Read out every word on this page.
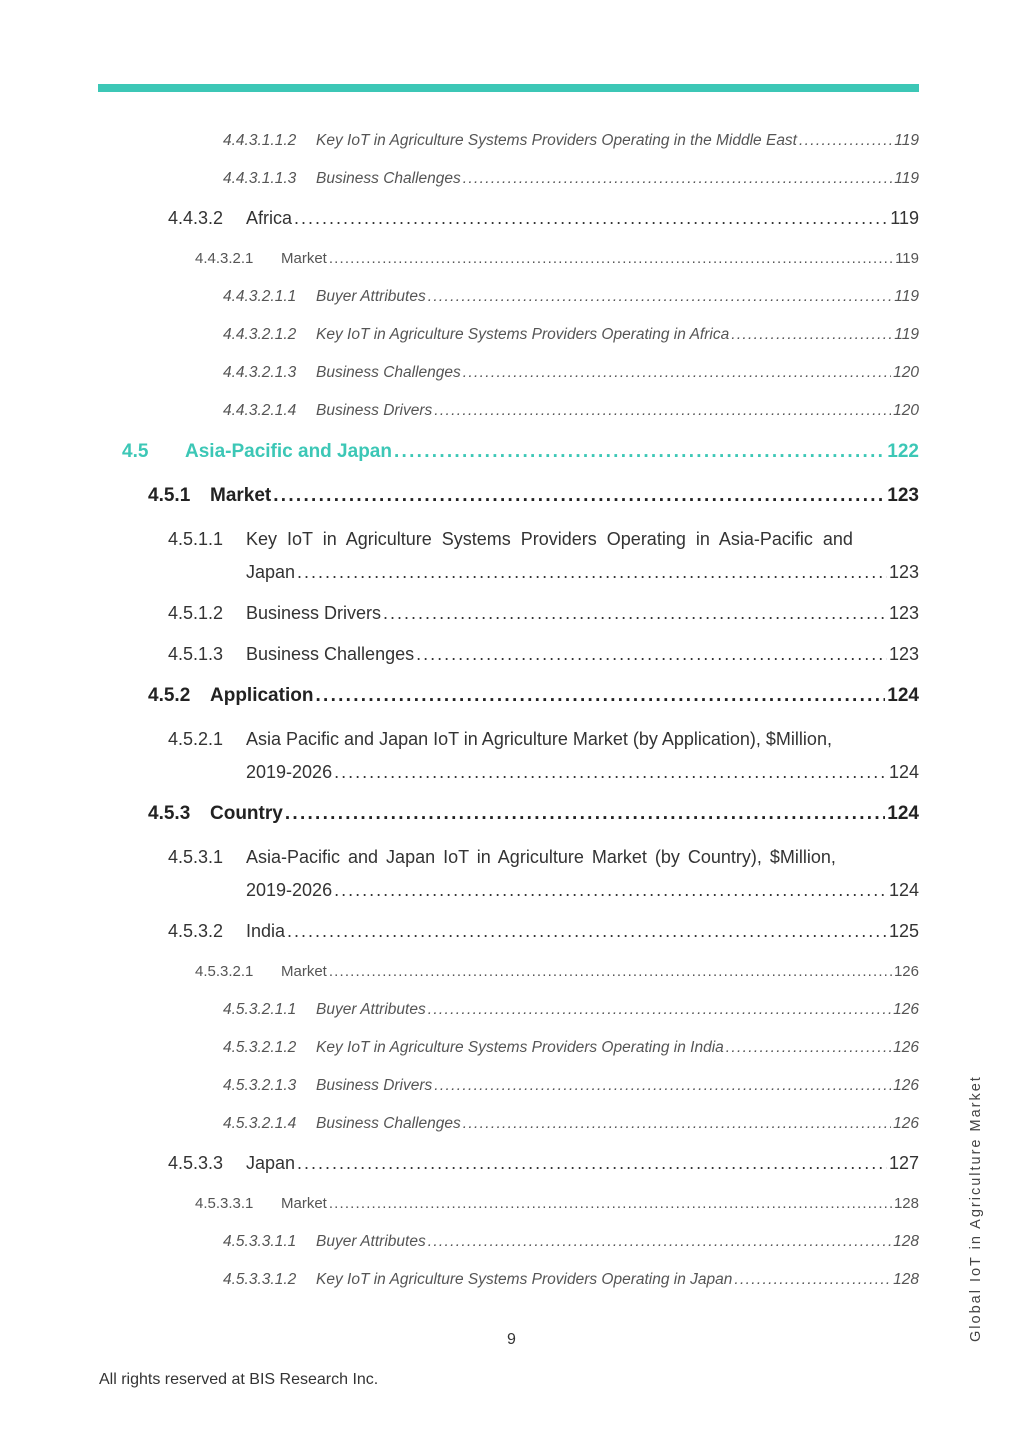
4.4.3.1.1.2	Key IoT in Agriculture Systems Providers Operating in the Middle East . . .	119
4.4.3.1.1.3	Business Challenges . . .	119
4.4.3.2	Africa . . .	119
4.4.3.2.1	Market . . .	119
4.4.3.2.1.1	Buyer Attributes . . .	119
4.4.3.2.1.2	Key IoT in Agriculture Systems Providers Operating in Africa . . .	119
4.4.3.2.1.3	Business Challenges . . .	120
4.4.3.2.1.4	Business Drivers . . .	120
4.5	Asia-Pacific and Japan . . .	122
4.5.1	Market . . .	123
4.5.1.1	Key IoT in Agriculture Systems Providers Operating in Asia-Pacific and
Japan . . .	123
4.5.1.2	Business Drivers . . .	123
4.5.1.3	Business Challenges . . .	123
4.5.2	Application . . .	124
4.5.2.1	Asia Pacific and Japan IoT in Agriculture Market (by Application), $Million,
2019-2026 . . .	124
4.5.3	Country . . .	124
4.5.3.1	Asia-Pacific and Japan IoT in Agriculture Market (by Country), $Million,
2019-2026 . . .	124
4.5.3.2	India . . .	125
4.5.3.2.1	Market . . .	126
4.5.3.2.1.1	Buyer Attributes . . .	126
4.5.3.2.1.2	Key IoT in Agriculture Systems Providers Operating in India . . .	126
4.5.3.2.1.3	Business Drivers . . .	126
4.5.3.2.1.4	Business Challenges . . .	126
4.5.3.3	Japan . . .	127
4.5.3.3.1	Market . . .	128
4.5.3.3.1.1	Buyer Attributes . . .	128
4.5.3.3.1.2	Key IoT in Agriculture Systems Providers Operating in Japan . . .	128	Global IoT in Agriculture Market
9
All rights reserved at BIS Research Inc.
